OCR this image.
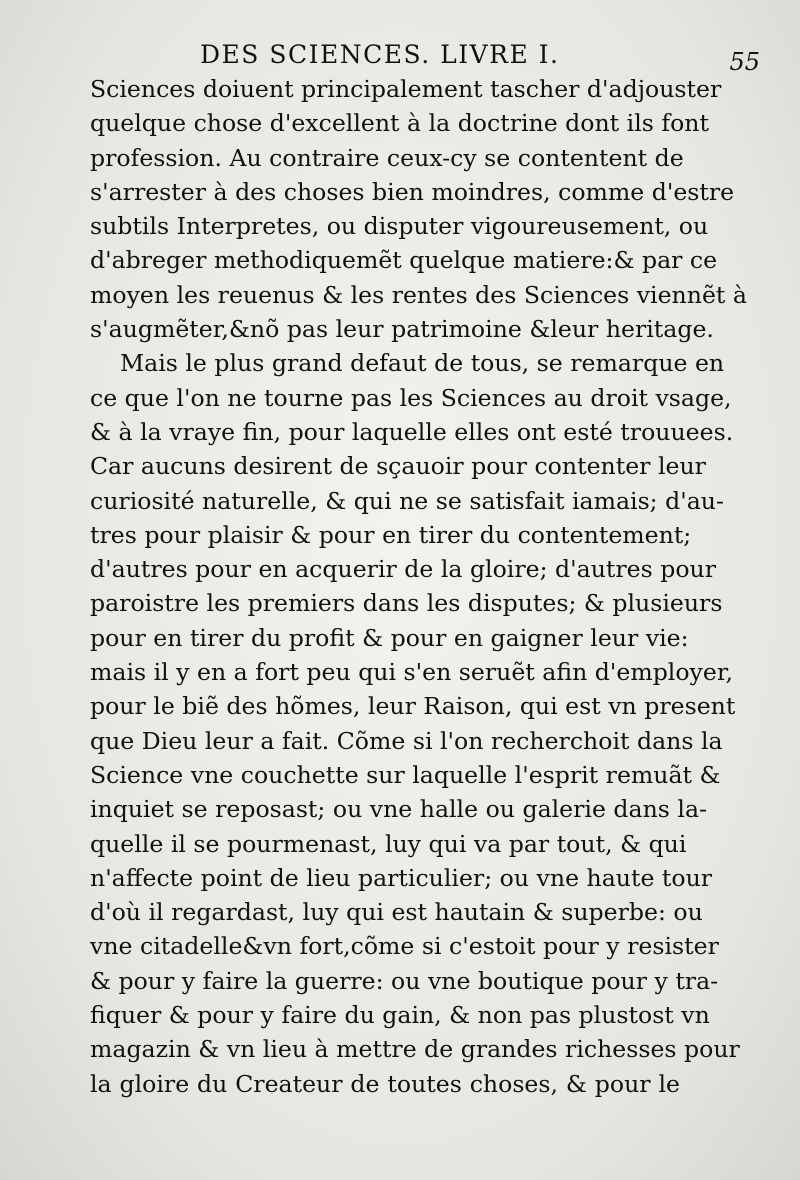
DES SCIENCES. LIVRE I.	55
Sciences doiuent principalement tascher d'adjouster
quelque chose d'excellent à la doctrine dont ils font
profession. Au contraire ceux-cy se contentent de
s'arrester à des choses bien moindres, comme d'estre
subtils Interpretes, ou disputer vigoureusement, ou
d'abreger methodiquemẽt quelque matiere:& par ce
moyen les reuenus & les rentes des Sciences viennẽt à
s'augmẽter,&nõ pas leur patrimoine &leur heritage.
Mais le plus grand defaut de tous, se remarque en
ce que l'on ne tourne pas les Sciences au droit vsage,
& à la vraye fin, pour laquelle elles ont esté trouuees.
Car aucuns desirent de sçauoir pour contenter leur
curiosité naturelle, & qui ne se satisfait iamais; d'au-
tres pour plaisir & pour en tirer du contentement;
d'autres pour en acquerir de la gloire; d'autres pour
paroistre les premiers dans les disputes; & plusieurs
pour en tirer du profit & pour en gaigner leur vie:
mais il y en a fort peu qui s'en seruẽt afin d'employer,
pour le biẽ des hõmes, leur Raison, qui est vn present
que Dieu leur a fait. Cõme si l'on recherchoit dans la
Science vne couchette sur laquelle l'esprit remuãt &
inquiet se reposast; ou vne halle ou galerie dans la-
quelle il se pourmenast, luy qui va par tout, & qui
n'affecte point de lieu particulier; ou vne haute tour
d'où il regardast, luy qui est hautain & superbe: ou
vne citadelle&vn fort,cõme si c'estoit pour y resister
& pour y faire la guerre: ou vne boutique pour y tra-
fiquer & pour y faire du gain, & non pas plustost vn
magazin & vn lieu à mettre de grandes richesses pour
la gloire du Createur de toutes choses, & pour le
